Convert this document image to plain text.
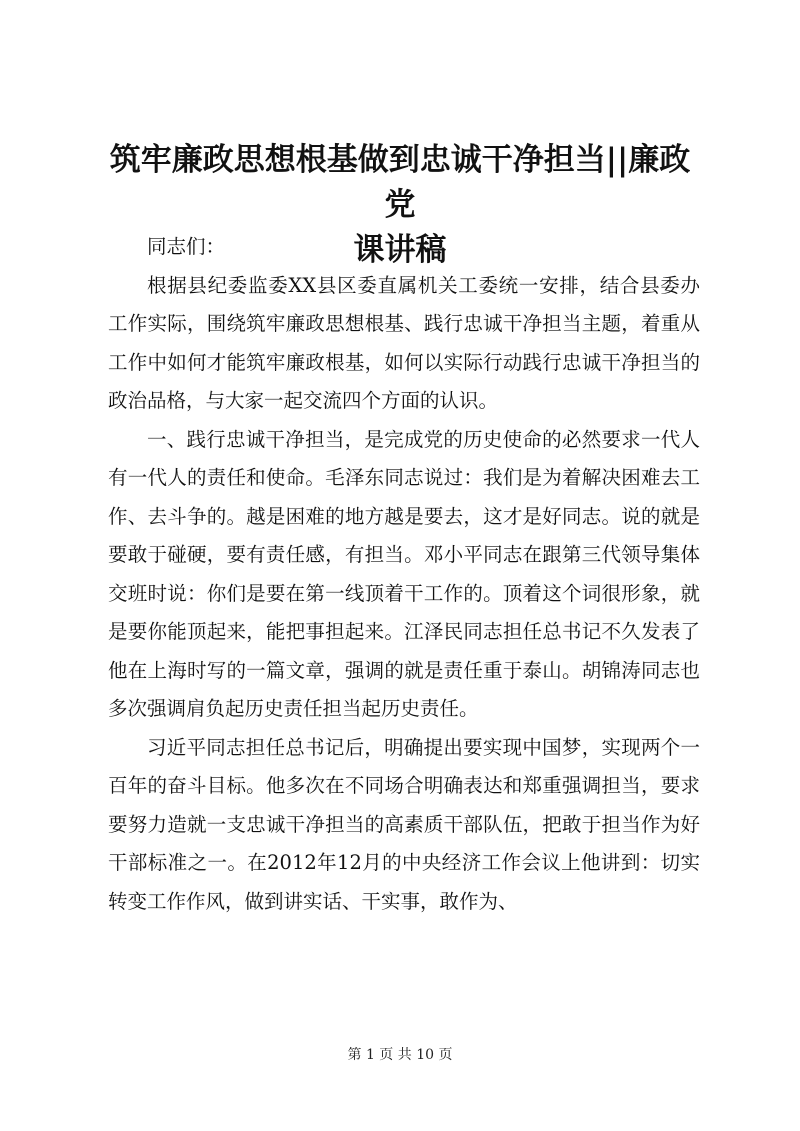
筑牢廉政思想根基做到忠诚干净担当||廉政党
课讲稿

同志们：

根据县纪委监委XX县区委直属机关工委统一安排，结合县委办工作实际，围绕筑牢廉政思想根基、践行忠诚干净担当主题，着重从工作中如何才能筑牢廉政根基，如何以实际行动践行忠诚干净担当的政治品格，与大家一起交流四个方面的认识。

一、践行忠诚干净担当，是完成党的历史使命的必然要求一代人有一代人的责任和使命。毛泽东同志说过：我们是为着解决困难去工作、去斗争的。越是困难的地方越是要去，这才是好同志。说的就是要敢于碰硬，要有责任感，有担当。邓小平同志在跟第三代领导集体交班时说：你们是要在第一线顶着干工作的。顶着这个词很形象，就是要你能顶起来，能把事担起来。江泽民同志担任总书记不久发表了他在上海时写的一篇文章，强调的就是责任重于泰山。胡锦涛同志也多次强调肩负起历史责任担当起历史责任。

习近平同志担任总书记后，明确提出要实现中国梦，实现两个一百年的奋斗目标。他多次在不同场合明确表达和郑重强调担当，要求要努力造就一支忠诚干净担当的高素质干部队伍，把敢于担当作为好干部标准之一。在2012年12月的中央经济工作会议上他讲到：切实转变工作作风，做到讲实话、干实事，敢作为、

第 1 页 共 10 页
